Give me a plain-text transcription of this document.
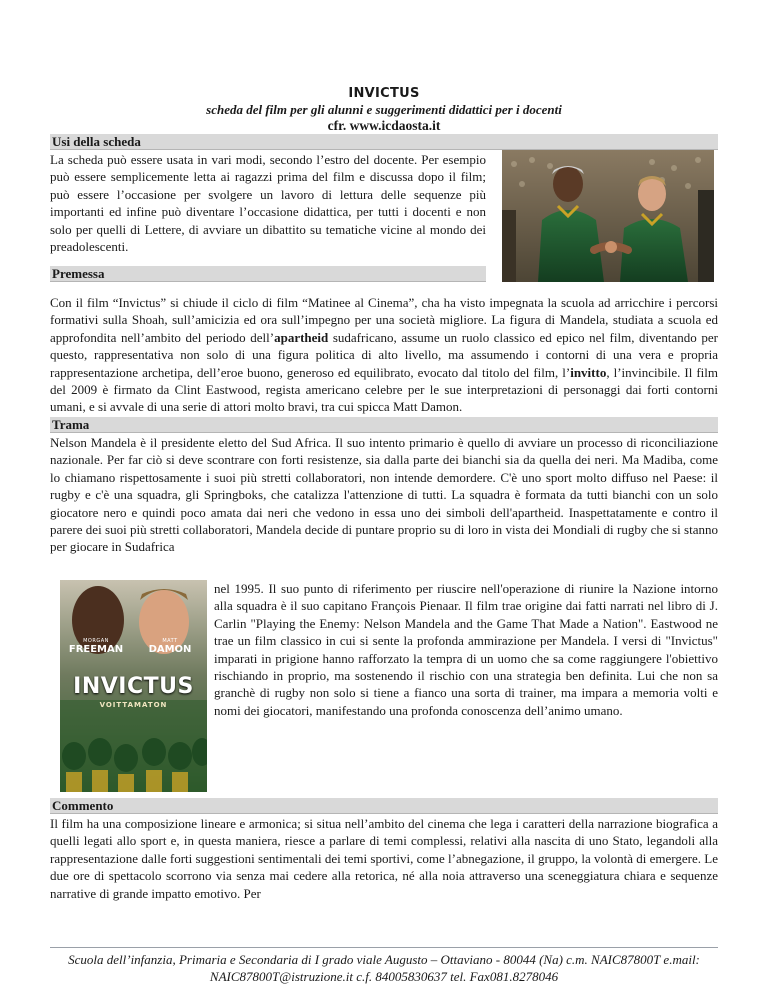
INVICTUS
scheda del film per gli alunni e suggerimenti didattici per i docenti
cfr. www.icdaosta.it
Usi della scheda

La scheda può essere usata in vari modi, secondo l’estro del docente. Per esempio può essere semplicemente letta ai ragazzi prima del film e discussa dopo il film; può essere l’occasione per svolgere un lavoro di lettura delle sequenze più importanti ed infine può diventare l’occasione didattica, per tutti i docenti e non solo per quelli di Lettere, di avviare un dibattito su tematiche vicine al mondo dei preadolescenti.

Premessa

Con il film “Invictus” si chiude il ciclo di film “Matinee al Cinema”, cha ha visto impegnata la scuola ad arricchire i percorsi formativi sulla Shoah, sull’amicizia ed ora sull’impegno per una società migliore. La figura di Mandela, studiata a scuola ed approfondita nell’ambito del periodo dell’apartheid sudafricano, assume un ruolo classico ed epico nel film, diventando per questo, rappresentativa non solo di una figura politica di alto livello, ma assumendo i contorni di una vera e propria rappresentazione archetipa, dell’eroe buono, generoso ed equilibrato, evocato dal titolo del film, l’invitto, l’invincibile. Il film del 2009 è firmato da Clint Eastwood, regista americano celebre per le sue interpretazioni di personaggi dai forti contorni umani, e si avvale di una serie di attori molto bravi, tra cui spicca Matt Damon.

Trama

Nelson Mandela è il presidente eletto del Sud Africa. Il suo intento primario è quello di avviare un processo di riconciliazione nazionale. Per far ciò si deve scontrare con forti resistenze, sia dalla parte dei bianchi sia da quella dei neri. Ma Madiba, come lo chiamano rispettosamente i suoi più stretti collaboratori, non intende demordere. C'è uno sport molto diffuso nel Paese: il rugby e c'è una squadra, gli Springboks, che catalizza l'attenzione di tutti. La squadra è formata da tutti bianchi con un solo giocatore nero e quindi poco amata dai neri che vedono in essa uno dei simboli dell'apartheid. Inaspettatamente e contro il parere dei suoi più stretti collaboratori, Mandela decide di puntare proprio su di loro in vista dei Mondiali di rugby che si stanno per giocare in Sudafrica

MORGAN
FREEMAN
MATT
DAMON
INVICTUS
VOITTAMATON

nel 1995. Il suo punto di riferimento per riuscire nell'operazione di riunire la Nazione intorno alla squadra è il suo capitano François Pienaar. Il film trae origine dai fatti narrati nel libro di J. Carlin "Playing the Enemy: Nelson Mandela and the Game That Made a Nation". Eastwood ne trae un film classico in cui si sente la profonda ammirazione per Mandela. I versi di "Invictus" imparati in prigione hanno rafforzato la tempra di un uomo che sa come raggiungere l'obiettivo rischiando in proprio, ma sostenendo il rischio con una strategia ben definita. Lui che non sa granchè di rugby non solo si tiene a fianco una sorta di trainer, ma impara a memoria volti e nomi dei giocatori, manifestando una profonda conoscenza dell’animo umano.

Commento

Il film ha una composizione lineare e armonica; si situa nell’ambito del cinema che lega i caratteri della narrazione biografica a quelli legati allo sport e, in questa maniera, riesce a parlare di temi complessi, relativi alla nascita di uno Stato, legandoli alla rappresentazione dalle forti suggestioni sentimentali dei temi sportivi, come l’abnegazione, il gruppo, la volontà di emergere. Le due ore di spettacolo scorrono via senza mai cedere alla retorica, né alla noia attraverso una sceneggiatura chiara e sequenze narrative di grande impatto emotivo. Per

Scuola dell’infanzia, Primaria e Secondaria di I grado viale Augusto – Ottaviano - 80044 (Na) c.m. NAIC87800T e.mail:
NAIC87800T@istruzione.it c.f. 84005830637 tel. Fax081.8278046
